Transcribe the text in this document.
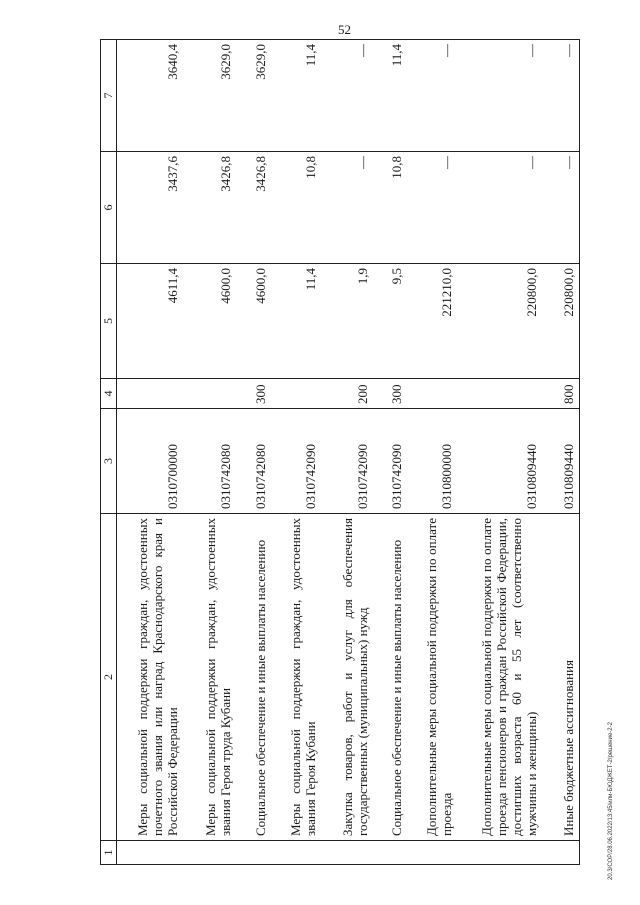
52
1	2	3	4	5	6	7
	Меры социальной поддержки граждан, удостоенных почетного звания или наград Краснодарского края и Российской Федерации	0310700000		4611,4	3437,6	3640,4
	Меры социальной поддержки граждан, удостоенных звания Героя труда Кубани	0310742080		4600,0	3426,8	3629,0
	Социальное обеспечение и иные выплаты населению	0310742080	300	4600,0	3426,8	3629,0
	Меры социальной поддержки граждан, удостоенных звания Героя Кубани	0310742090		11,4	10,8	11,4
	Закупка товаров, работ и услуг для обеспечения государственных (муниципальных) нужд	0310742090	200	1,9	—	—
	Социальное обеспечение и иные выплаты населению	0310742090	300	9,5	10,8	11,4
	Дополнительные меры социальной поддержки по оплате проезда	0310800000		221210,0	—	—
	Дополнительные меры социальной поддержки по оплате проезда пенсионеров и граждан Российской Федерации, достигших возраста 60 и 55 лет (соответственно мужчины и женщины)	0310809440		220800,0	—	—
	Иные бюджетные ассигнования	0310809440	800	220800,0	—	—
20.3/СОР/28.06.2022/13:45/или-БЮДЖЕТ-2/решение-2-2
